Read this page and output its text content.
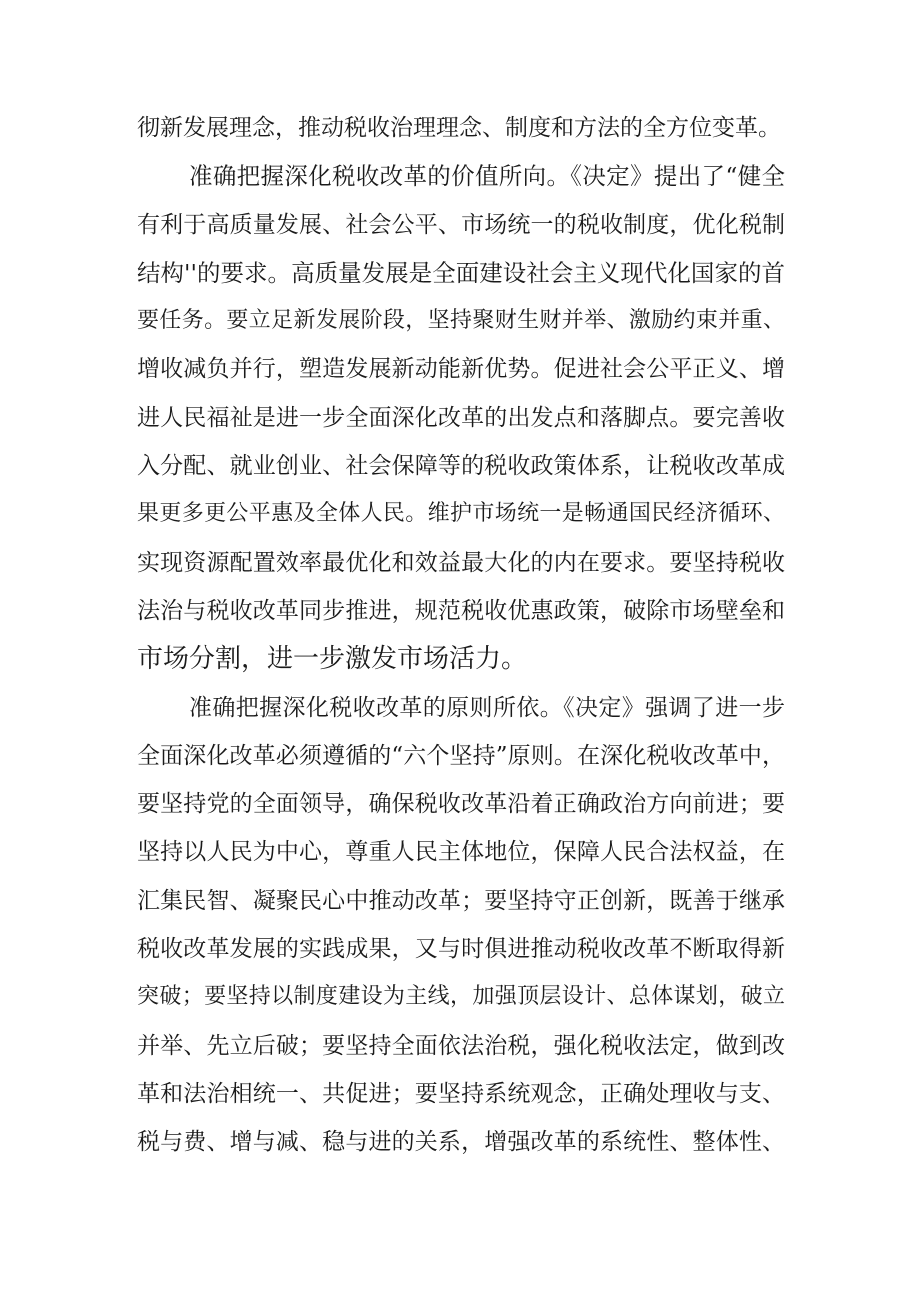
彻新发展理念，推动税收治理理念、制度和方法的全方位变革。
准确把握深化税收改革的价值所向。《决定》提出了“健全
有利于高质量发展、社会公平、市场统一的税收制度，优化税制
结构''的要求。高质量发展是全面建设社会主义现代化国家的首
要任务。要立足新发展阶段，坚持聚财生财并举、激励约束并重、
增收减负并行，塑造发展新动能新优势。促进社会公平正义、增
进人民福祉是进一步全面深化改革的出发点和落脚点。要完善收
入分配、就业创业、社会保障等的税收政策体系，让税收改革成
果更多更公平惠及全体人民。维护市场统一是畅通国民经济循环、
实现资源配置效率最优化和效益最大化的内在要求。要坚持税收
法治与税收改革同步推进，规范税收优惠政策，破除市场壁垒和
市场分割，进一步激发市场活力。
准确把握深化税收改革的原则所依。《决定》强调了进一步
全面深化改革必须遵循的“六个坚持”原则。在深化税收改革中，
要坚持党的全面领导，确保税收改革沿着正确政治方向前进；要
坚持以人民为中心，尊重人民主体地位，保障人民合法权益，在
汇集民智、凝聚民心中推动改革；要坚持守正创新，既善于继承
税收改革发展的实践成果，又与时俱进推动税收改革不断取得新
突破；要坚持以制度建设为主线，加强顶层设计、总体谋划，破立
并举、先立后破；要坚持全面依法治税，强化税收法定，做到改
革和法治相统一、共促进；要坚持系统观念，正确处理收与支、
税与费、增与减、稳与进的关系，增强改革的系统性、整体性、
